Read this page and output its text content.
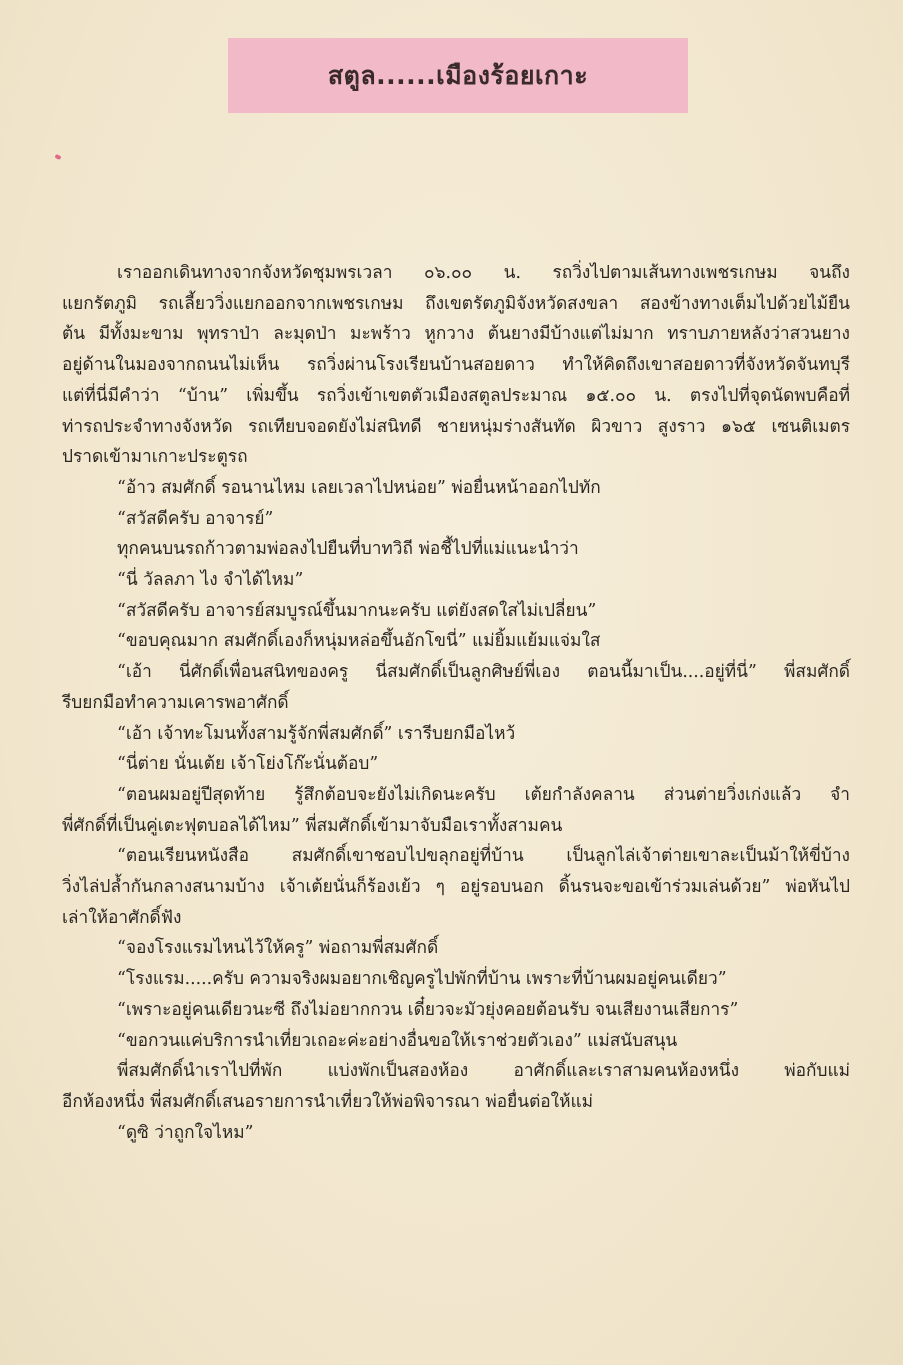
สตูล......เมืองร้อยเกาะ
เราออกเดินทางจากจังหวัดชุมพรเวลา ๐๖.๐๐ น. รถวิ่งไปตามเส้นทางเพชรเกษม จนถึง
แยกรัตภูมิ รถเลี้ยววิ่งแยกออกจากเพชรเกษม ถึงเขตรัตภูมิจังหวัดสงขลา สองข้างทางเต็มไปด้วยไม้ยืน
ต้น มีทั้งมะขาม พุทราป่า ละมุดป่า มะพร้าว หูกวาง ต้นยางมีบ้างแต่ไม่มาก ทราบภายหลังว่าสวนยาง
อยู่ด้านในมองจากถนนไม่เห็น รถวิ่งผ่านโรงเรียนบ้านสอยดาว ทำให้คิดถึงเขาสอยดาวที่จังหวัดจันทบุรี
แต่ที่นี่มีคำว่า “บ้าน” เพิ่มขึ้น รถวิ่งเข้าเขตตัวเมืองสตูลประมาณ ๑๕.๐๐ น. ตรงไปที่จุดนัดพบคือที่
ท่ารถประจำทางจังหวัด รถเทียบจอดยังไม่สนิทดี ชายหนุ่มร่างสันทัด ผิวขาว สูงราว ๑๖๕ เซนติเมตร
ปราดเข้ามาเกาะประตูรถ
“อ้าว สมศักดิ์ รอนานไหม เลยเวลาไปหน่อย” พ่อยื่นหน้าออกไปทัก
“สวัสดีครับ อาจารย์”
ทุกคนบนรถก้าวตามพ่อลงไปยืนที่บาทวิถี พ่อชี้ไปที่แม่แนะนำว่า
“นี่ วัลลภา ไง จำได้ไหม”
“สวัสดีครับ อาจารย์สมบูรณ์ขึ้นมากนะครับ แต่ยังสดใสไม่เปลี่ยน”
“ขอบคุณมาก สมศักดิ์เองก็หนุ่มหล่อขึ้นอักโขนี่” แม่ยิ้มแย้มแจ่มใส
“เอ้า นี่ศักดิ์เพื่อนสนิทของครู นี่สมศักดิ์เป็นลูกศิษย์พี่เอง ตอนนี้มาเป็น....อยู่ที่นี่” พี่สมศักดิ์
รีบยกมือทำความเคารพอาศักดิ์
“เอ้า เจ้าทะโมนทั้งสามรู้จักพี่สมศักดิ์” เรารีบยกมือไหว้
“นี่ต่าย นั่นเต้ย เจ้าโย่งโก๊ะนั่นต้อบ”
“ตอนผมอยู่ปีสุดท้าย รู้สึกต้อบจะยังไม่เกิดนะครับ เต้ยกำลังคลาน ส่วนต่ายวิ่งเก่งแล้ว จำ
พี่ศักดิ์ที่เป็นคู่เตะฟุตบอลได้ไหม” พี่สมศักดิ์เข้ามาจับมือเราทั้งสามคน
“ตอนเรียนหนังสือ สมศักดิ์เขาชอบไปขลุกอยู่ที่บ้าน เป็นลูกไล่เจ้าต่ายเขาละเป็นม้าให้ขี่บ้าง
วิ่งไล่ปล้ำกันกลางสนามบ้าง เจ้าเต้ยนั่นก็ร้องเย้ว ๆ อยู่รอบนอก ดิ้นรนจะขอเข้าร่วมเล่นด้วย” พ่อหันไป
เล่าให้อาศักดิ์ฟัง
“จองโรงแรมไหนไว้ให้ครู” พ่อถามพี่สมศักดิ์
“โรงแรม.....ครับ ความจริงผมอยากเชิญครูไปพักที่บ้าน เพราะที่บ้านผมอยู่คนเดียว”
“เพราะอยู่คนเดียวนะซี ถึงไม่อยากกวน เดี๋ยวจะมัวยุ่งคอยต้อนรับ จนเสียงานเสียการ”
“ขอกวนแค่บริการนำเที่ยวเถอะค่ะอย่างอื่นขอให้เราช่วยตัวเอง” แม่สนับสนุน
พี่สมศักดิ์นำเราไปที่พัก แบ่งพักเป็นสองห้อง อาศักดิ์และเราสามคนห้องหนึ่ง พ่อกับแม่
อีกห้องหนึ่ง พี่สมศักดิ์เสนอรายการนำเที่ยวให้พ่อพิจารณา พ่อยื่นต่อให้แม่
“ดูซิ ว่าถูกใจไหม”
